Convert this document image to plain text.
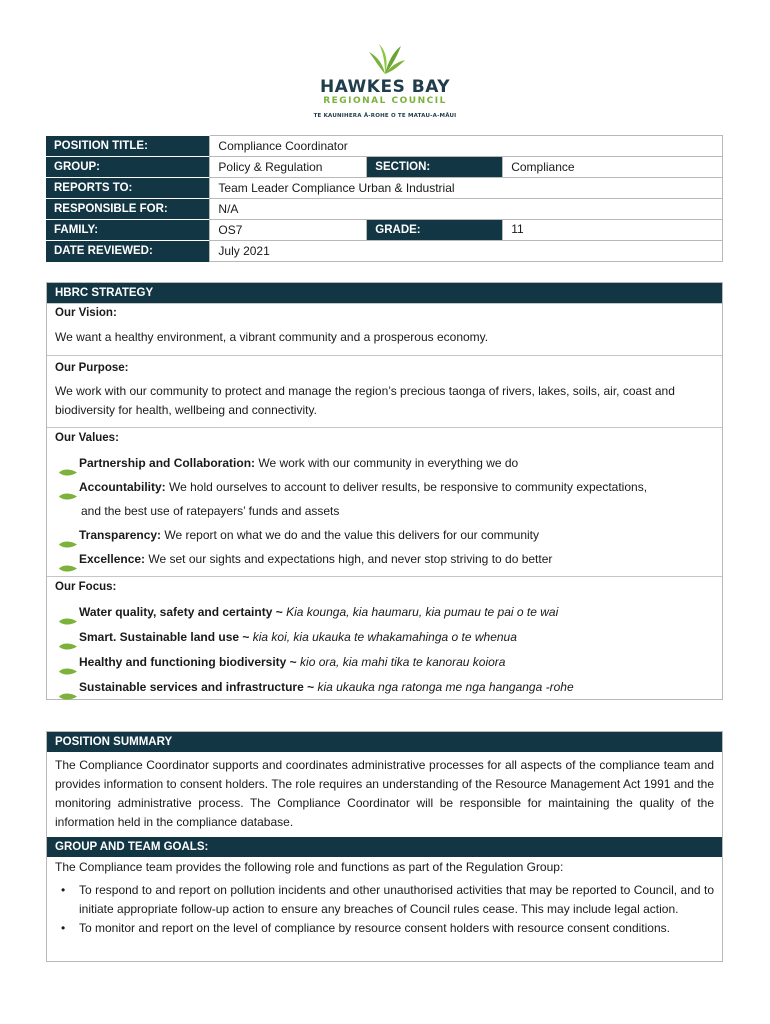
HAWKES BAY
REGIONAL COUNCIL
TE KAUNIHERA Ā-ROHE O TE MATAU-A-MĀUI
POSITION TITLE:	Compliance Coordinator		
GROUP:	Policy & Regulation	SECTION:	Compliance
REPORTS TO:	Team Leader Compliance Urban & Industrial		
RESPONSIBLE FOR:	N/A		
FAMILY:	OS7	GRADE:	11
DATE REVIEWED:	July 2021		
HBRC STRATEGY
Our Vision:
We want a healthy environment, a vibrant community and a prosperous economy.
Our Purpose:
We work with our community to protect and manage the region’s precious taonga of rivers, lakes, soils, air, coast and biodiversity for health, wellbeing and connectivity.
Our Values:
Partnership and Collaboration: We work with our community in everything we do
Accountability: We hold ourselves to account to deliver results, be responsive to community expectations,
and the best use of ratepayers’ funds and assets
Transparency: We report on what we do and the value this delivers for our community
Excellence: We set our sights and expectations high, and never stop striving to do better
Our Focus:
Water quality, safety and certainty ~ Kia kounga, kia haumaru, kia pumau te pai o te wai
Smart. Sustainable land use ~ kia koi, kia ukauka te whakamahinga o te whenua
Healthy and functioning biodiversity ~ kio ora, kia mahi tika te kanorau koiora
Sustainable services and infrastructure ~ kia ukauka nga ratonga me nga hanganga -rohe
POSITION SUMMARY
The Compliance Coordinator supports and coordinates administrative processes for all aspects of the compliance team and provides information to consent holders. The role requires an understanding of the Resource Management Act 1991 and the monitoring administrative process. The Compliance Coordinator will be responsible for maintaining the quality of the information held in the compliance database.
GROUP AND TEAM GOALS:
The Compliance team provides the following role and functions as part of the Regulation Group:
• To respond to and report on pollution incidents and other unauthorised activities that may be reported to Council, and to initiate appropriate follow-up action to ensure any breaches of Council rules cease. This may include legal action.
• To monitor and report on the level of compliance by resource consent holders with resource consent conditions.
